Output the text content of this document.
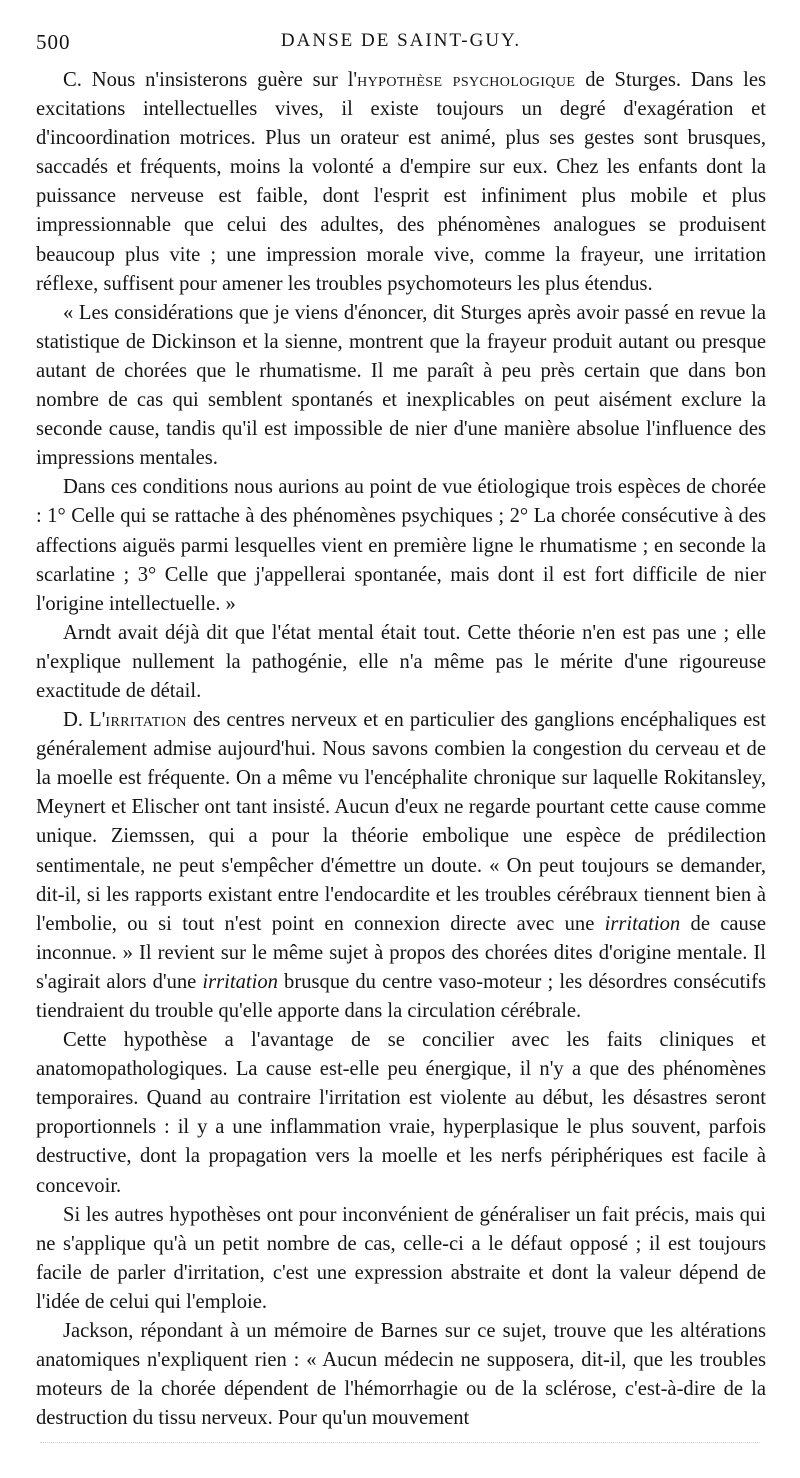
500	DANSE DE SAINT-GUY.

C. Nous n'insisterons guère sur l'hypothèse psychologique de Sturges. Dans les excitations intellectuelles vives, il existe toujours un degré d'exagération et d'incoordination motrices. Plus un orateur est animé, plus ses gestes sont brusques, saccadés et fréquents, moins la volonté a d'empire sur eux. Chez les enfants dont la puissance nerveuse est faible, dont l'esprit est infiniment plus mobile et plus impressionnable que celui des adultes, des phénomènes analogues se produisent beaucoup plus vite ; une impression morale vive, comme la frayeur, une irritation réflexe, suffisent pour amener les troubles psychomoteurs les plus étendus.

« Les considérations que je viens d'énoncer, dit Sturges après avoir passé en revue la statistique de Dickinson et la sienne, montrent que la frayeur produit autant ou presque autant de chorées que le rhumatisme. Il me paraît à peu près certain que dans bon nombre de cas qui semblent spontanés et inexplicables on peut aisément exclure la seconde cause, tandis qu'il est impossible de nier d'une manière absolue l'influence des impressions mentales.

Dans ces conditions nous aurions au point de vue étiologique trois espèces de chorée : 1° Celle qui se rattache à des phénomènes psychiques ; 2° La chorée consécutive à des affections aiguës parmi lesquelles vient en première ligne le rhumatisme ; en seconde la scarlatine ; 3° Celle que j'appellerai spontanée, mais dont il est fort difficile de nier l'origine intellectuelle. »

Arndt avait déjà dit que l'état mental était tout. Cette théorie n'en est pas une ; elle n'explique nullement la pathogénie, elle n'a même pas le mérite d'une rigoureuse exactitude de détail.

D. L'irritation des centres nerveux et en particulier des ganglions encéphaliques est généralement admise aujourd'hui. Nous savons combien la congestion du cerveau et de la moelle est fréquente. On a même vu l'encéphalite chronique sur laquelle Rokitansley, Meynert et Elischer ont tant insisté. Aucun d'eux ne regarde pourtant cette cause comme unique. Ziemssen, qui a pour la théorie embolique une espèce de prédilection sentimentale, ne peut s'empêcher d'émettre un doute. « On peut toujours se demander, dit-il, si les rapports existant entre l'endocardite et les troubles cérébraux tiennent bien à l'embolie, ou si tout n'est point en connexion directe avec une irritation de cause inconnue. » Il revient sur le même sujet à propos des chorées dites d'origine mentale. Il s'agirait alors d'une irritation brusque du centre vaso-moteur ; les désordres consécutifs tiendraient du trouble qu'elle apporte dans la circulation cérébrale.

Cette hypothèse a l'avantage de se concilier avec les faits cliniques et anatomopathologiques. La cause est-elle peu énergique, il n'y a que des phénomènes temporaires. Quand au contraire l'irritation est violente au début, les désastres seront proportionnels : il y a une inflammation vraie, hyperplasique le plus souvent, parfois destructive, dont la propagation vers la moelle et les nerfs périphériques est facile à concevoir.

Si les autres hypothèses ont pour inconvénient de généraliser un fait précis, mais qui ne s'applique qu'à un petit nombre de cas, celle-ci a le défaut opposé ; il est toujours facile de parler d'irritation, c'est une expression abstraite et dont la valeur dépend de l'idée de celui qui l'emploie.

Jackson, répondant à un mémoire de Barnes sur ce sujet, trouve que les altérations anatomiques n'expliquent rien : « Aucun médecin ne supposera, dit-il, que les troubles moteurs de la chorée dépendent de l'hémorrhagie ou de la sclérose, c'est-à-dire de la destruction du tissu nerveux. Pour qu'un mouvement
